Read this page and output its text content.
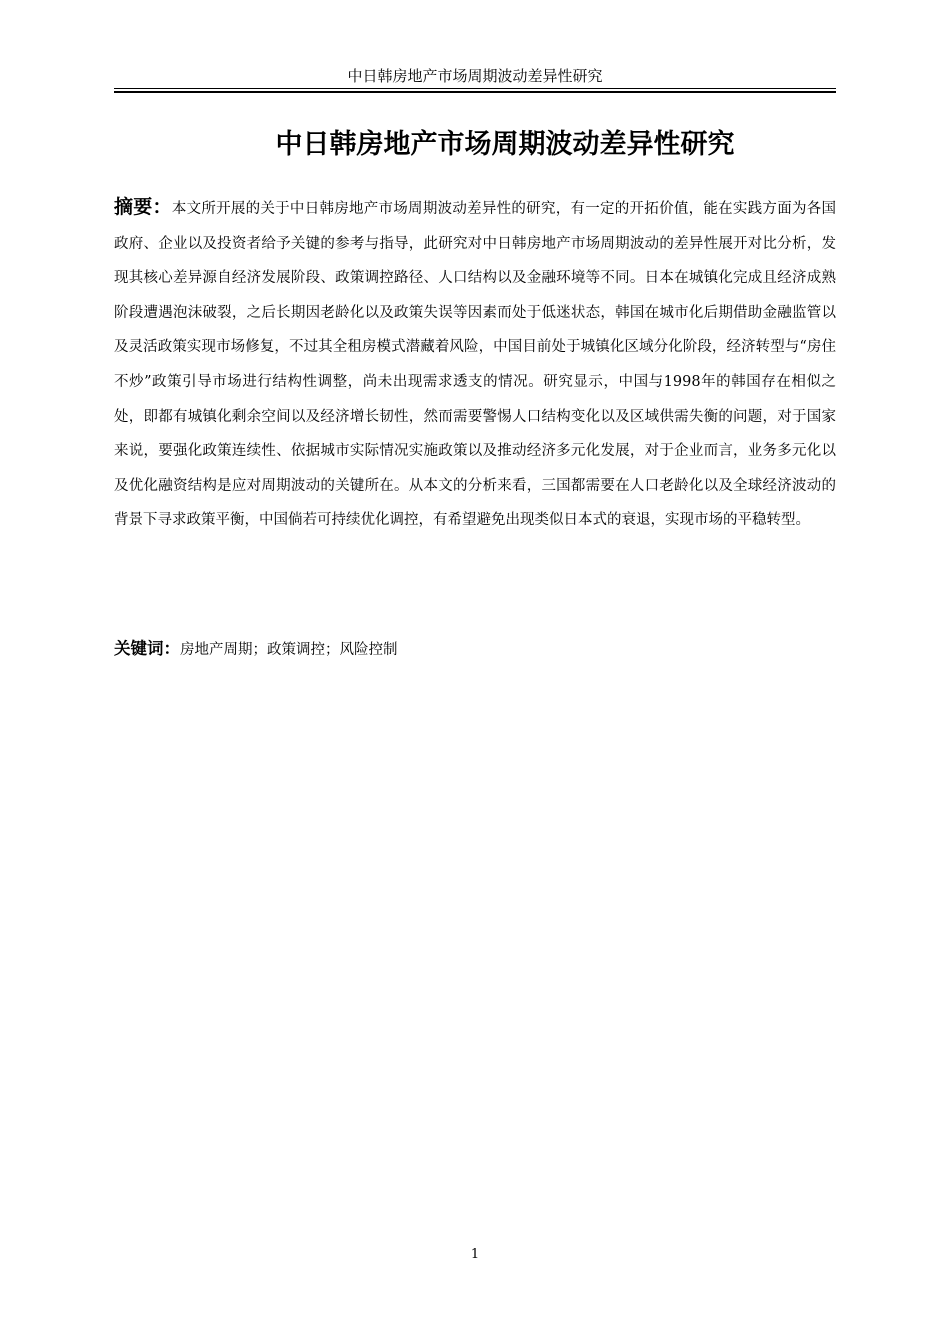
中日韩房地产市场周期波动差异性研究
中日韩房地产市场周期波动差异性研究

摘要：本文所开展的关于中日韩房地产市场周期波动差异性的研究，有一定的开拓价值，能在实践方面为各国政府、企业以及投资者给予关键的参考与指导，此研究对中日韩房地产市场周期波动的差异性展开对比分析，发现其核心差异源自经济发展阶段、政策调控路径、人口结构以及金融环境等不同。日本在城镇化完成且经济成熟阶段遭遇泡沫破裂，之后长期因老龄化以及政策失误等因素而处于低迷状态，韩国在城市化后期借助金融监管以及灵活政策实现市场修复，不过其全租房模式潜藏着风险，中国目前处于城镇化区域分化阶段，经济转型与“房住不炒”政策引导市场进行结构性调整，尚未出现需求透支的情况。研究显示，中国与1998年的韩国存在相似之处，即都有城镇化剩余空间以及经济增长韧性，然而需要警惕人口结构变化以及区域供需失衡的问题，对于国家来说，要强化政策连续性、依据城市实际情况实施政策以及推动经济多元化发展，对于企业而言，业务多元化以及优化融资结构是应对周期波动的关键所在。从本文的分析来看，三国都需要在人口老龄化以及全球经济波动的背景下寻求政策平衡，中国倘若可持续优化调控，有希望避免出现类似日本式的衰退，实现市场的平稳转型。

关键词：房地产周期；政策调控；风险控制

1
